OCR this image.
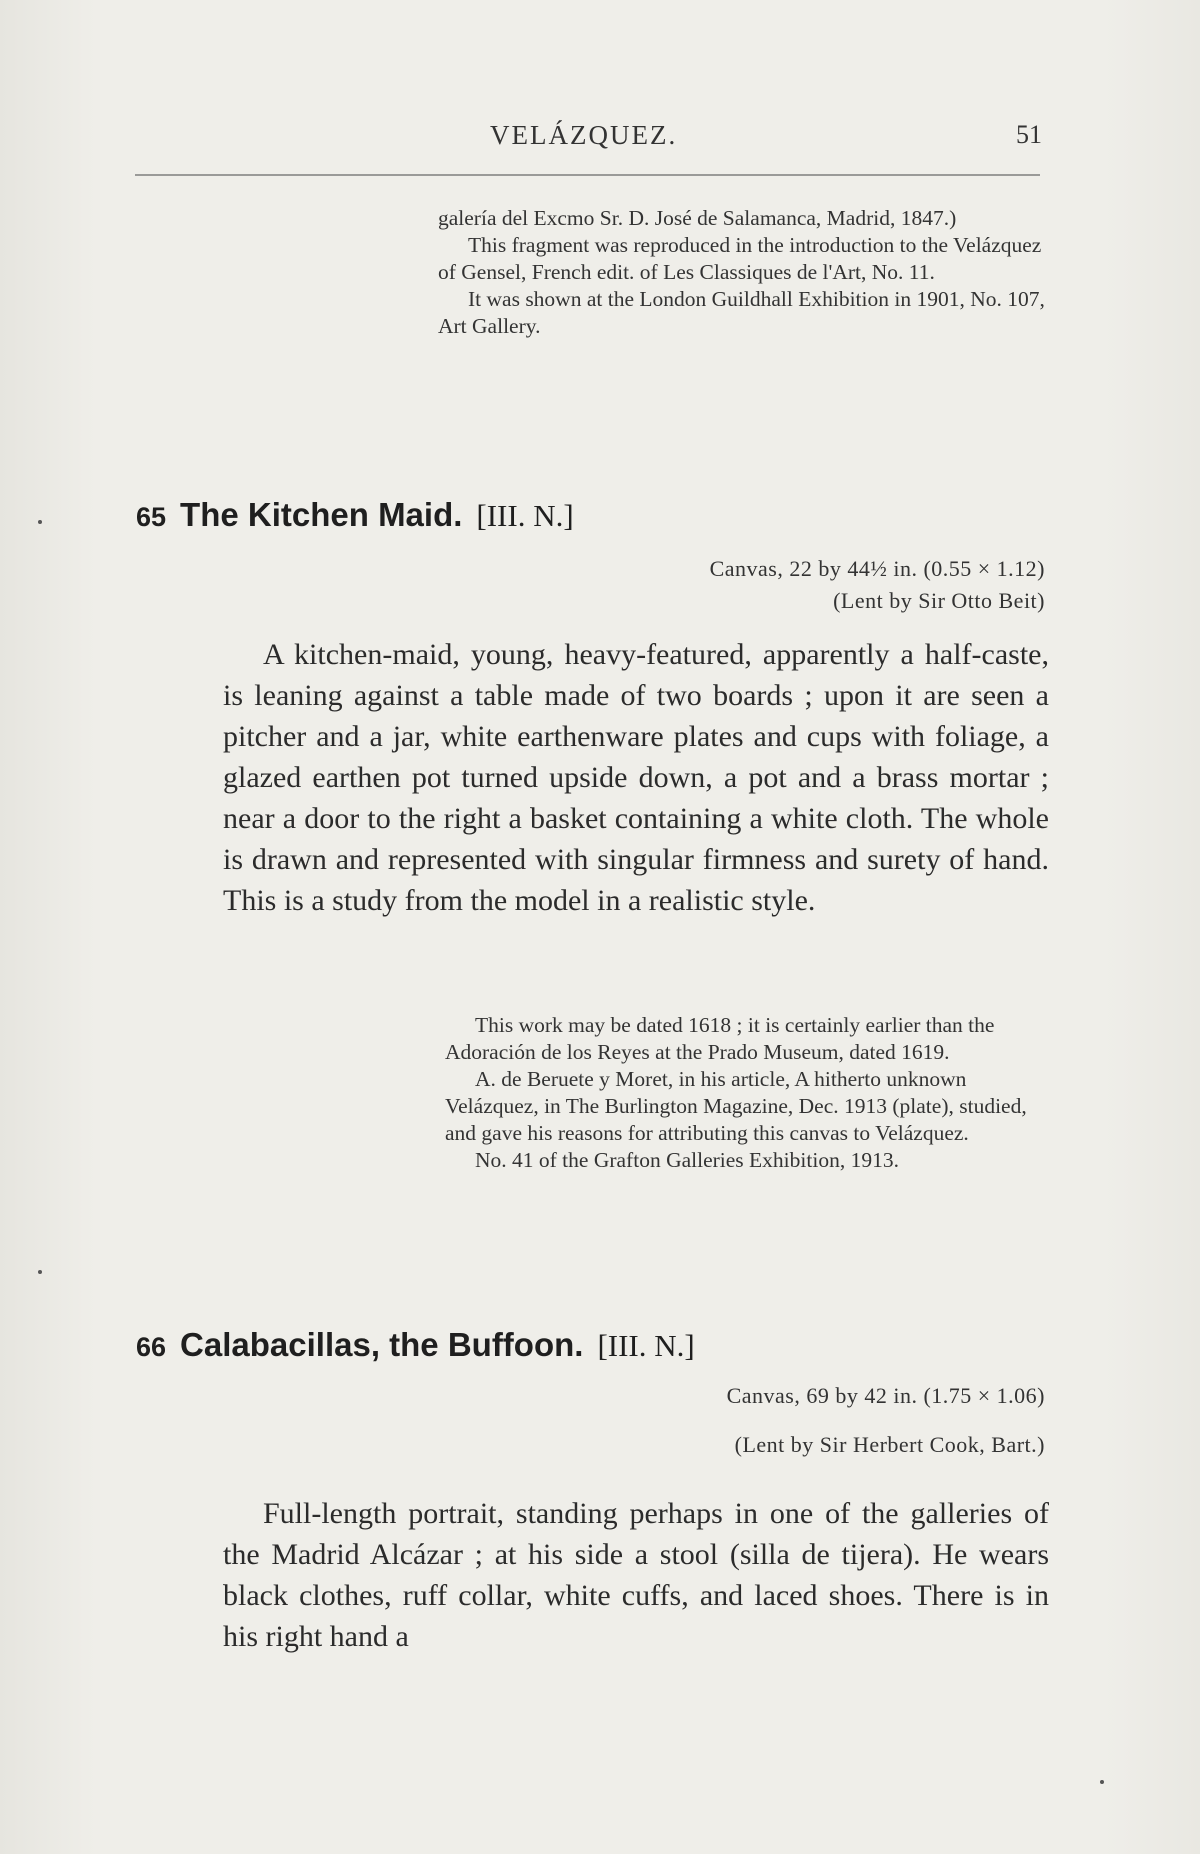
VELÁZQUEZ.	51

galería del Excmo Sr. D. José de Salamanca, Madrid, 1847.)

This fragment was reproduced in the introduction to the Velázquez of Gensel, French edit. of Les Classiques de l'Art, No. 11.

It was shown at the London Guildhall Exhibition in 1901, No. 107, Art Gallery.

65 The Kitchen Maid. [III. N.]
Canvas, 22 by 44½ in. (0.55 × 1.12)
(Lent by Sir Otto Beit)

A kitchen-maid, young, heavy-featured, apparently a half-caste, is leaning against a table made of two boards ; upon it are seen a pitcher and a jar, white earthenware plates and cups with foliage, a glazed earthen pot turned upside down, a pot and a brass mortar ; near a door to the right a basket containing a white cloth. The whole is drawn and represented with singular firmness and surety of hand. This is a study from the model in a realistic style.

This work may be dated 1618 ; it is certainly earlier than the Adoración de los Reyes at the Prado Museum, dated 1619.

A. de Beruete y Moret, in his article, A hitherto unknown Velázquez, in The Burlington Magazine, Dec. 1913 (plate), studied, and gave his reasons for attributing this canvas to Velázquez.

No. 41 of the Grafton Galleries Exhibition, 1913.

66 Calabacillas, the Buffoon. [III. N.]
Canvas, 69 by 42 in. (1.75 × 1.06)
(Lent by Sir Herbert Cook, Bart.)

Full-length portrait, standing perhaps in one of the galleries of the Madrid Alcázar ; at his side a stool (silla de tijera). He wears black clothes, ruff collar, white cuffs, and laced shoes. There is in his right hand a
